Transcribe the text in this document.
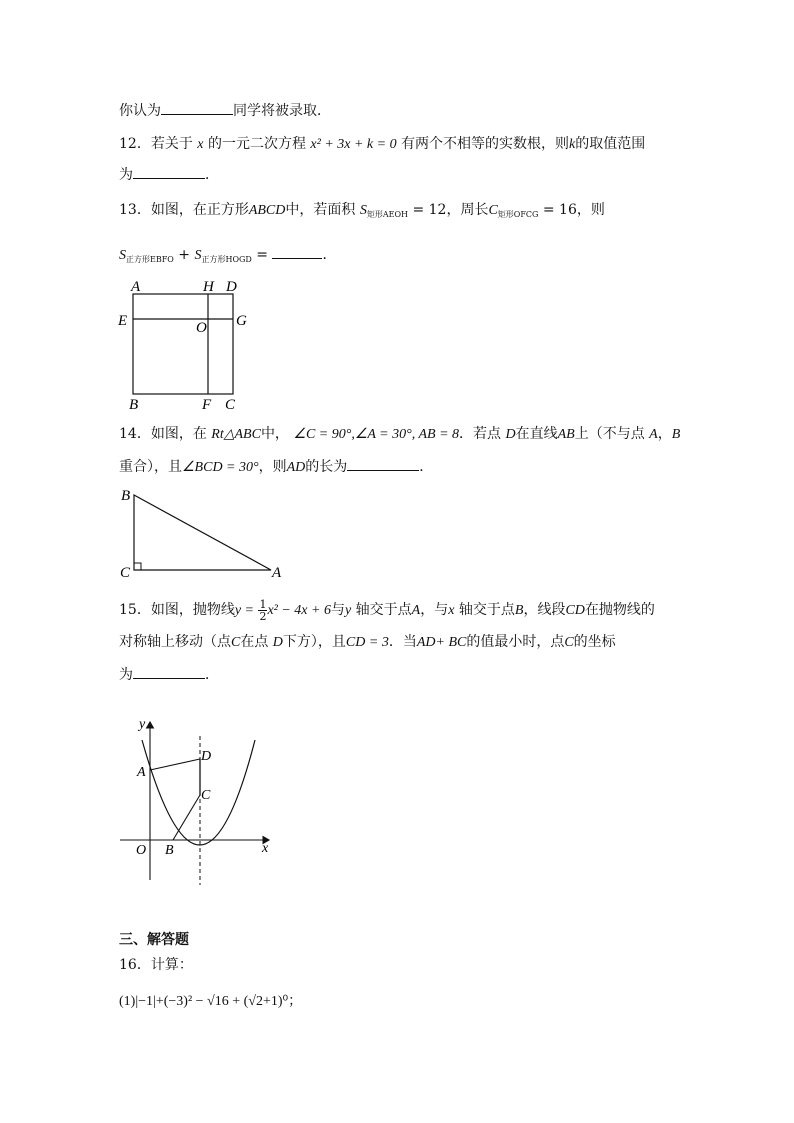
你认为	同学将被录取．
12．若关于 x 的一元二次方程 x² + 3x + k = 0 有两个不相等的实数根，则k的取值范围
为	．
13．如图，在正方形ABCD中，若面积 $S_{矩形AEOH} = 12$，周长$C_{矩形OFCG} = 16$，则
$S_{正方形EBFO} + S_{正方形HOGD}$ =	．
A	H D
E	O G
B	F C
14．如图，在 Rt△ABC中， ∠C = 90°,∠A = 30°, AB = 8．若点 D在直线AB上（不与点 A，B
重合），且∠BCD = 30°，则AD的长为	．
B
C	A
15．如图，抛物线$y = \frac{1}{2} x^2 - 4x + 6$与y 轴交于点A，与x 轴交于点B，线段CD在抛物线的
对称轴上移动（点C在点 D下方），且CD = 3．当AD+ BC的值最小时，点C的坐标
为	．
y
D
A
C
O B	x
三、解答题
16．计算：
(1)|−1|+(−3)² − √16 + (√2+1)⁰；
